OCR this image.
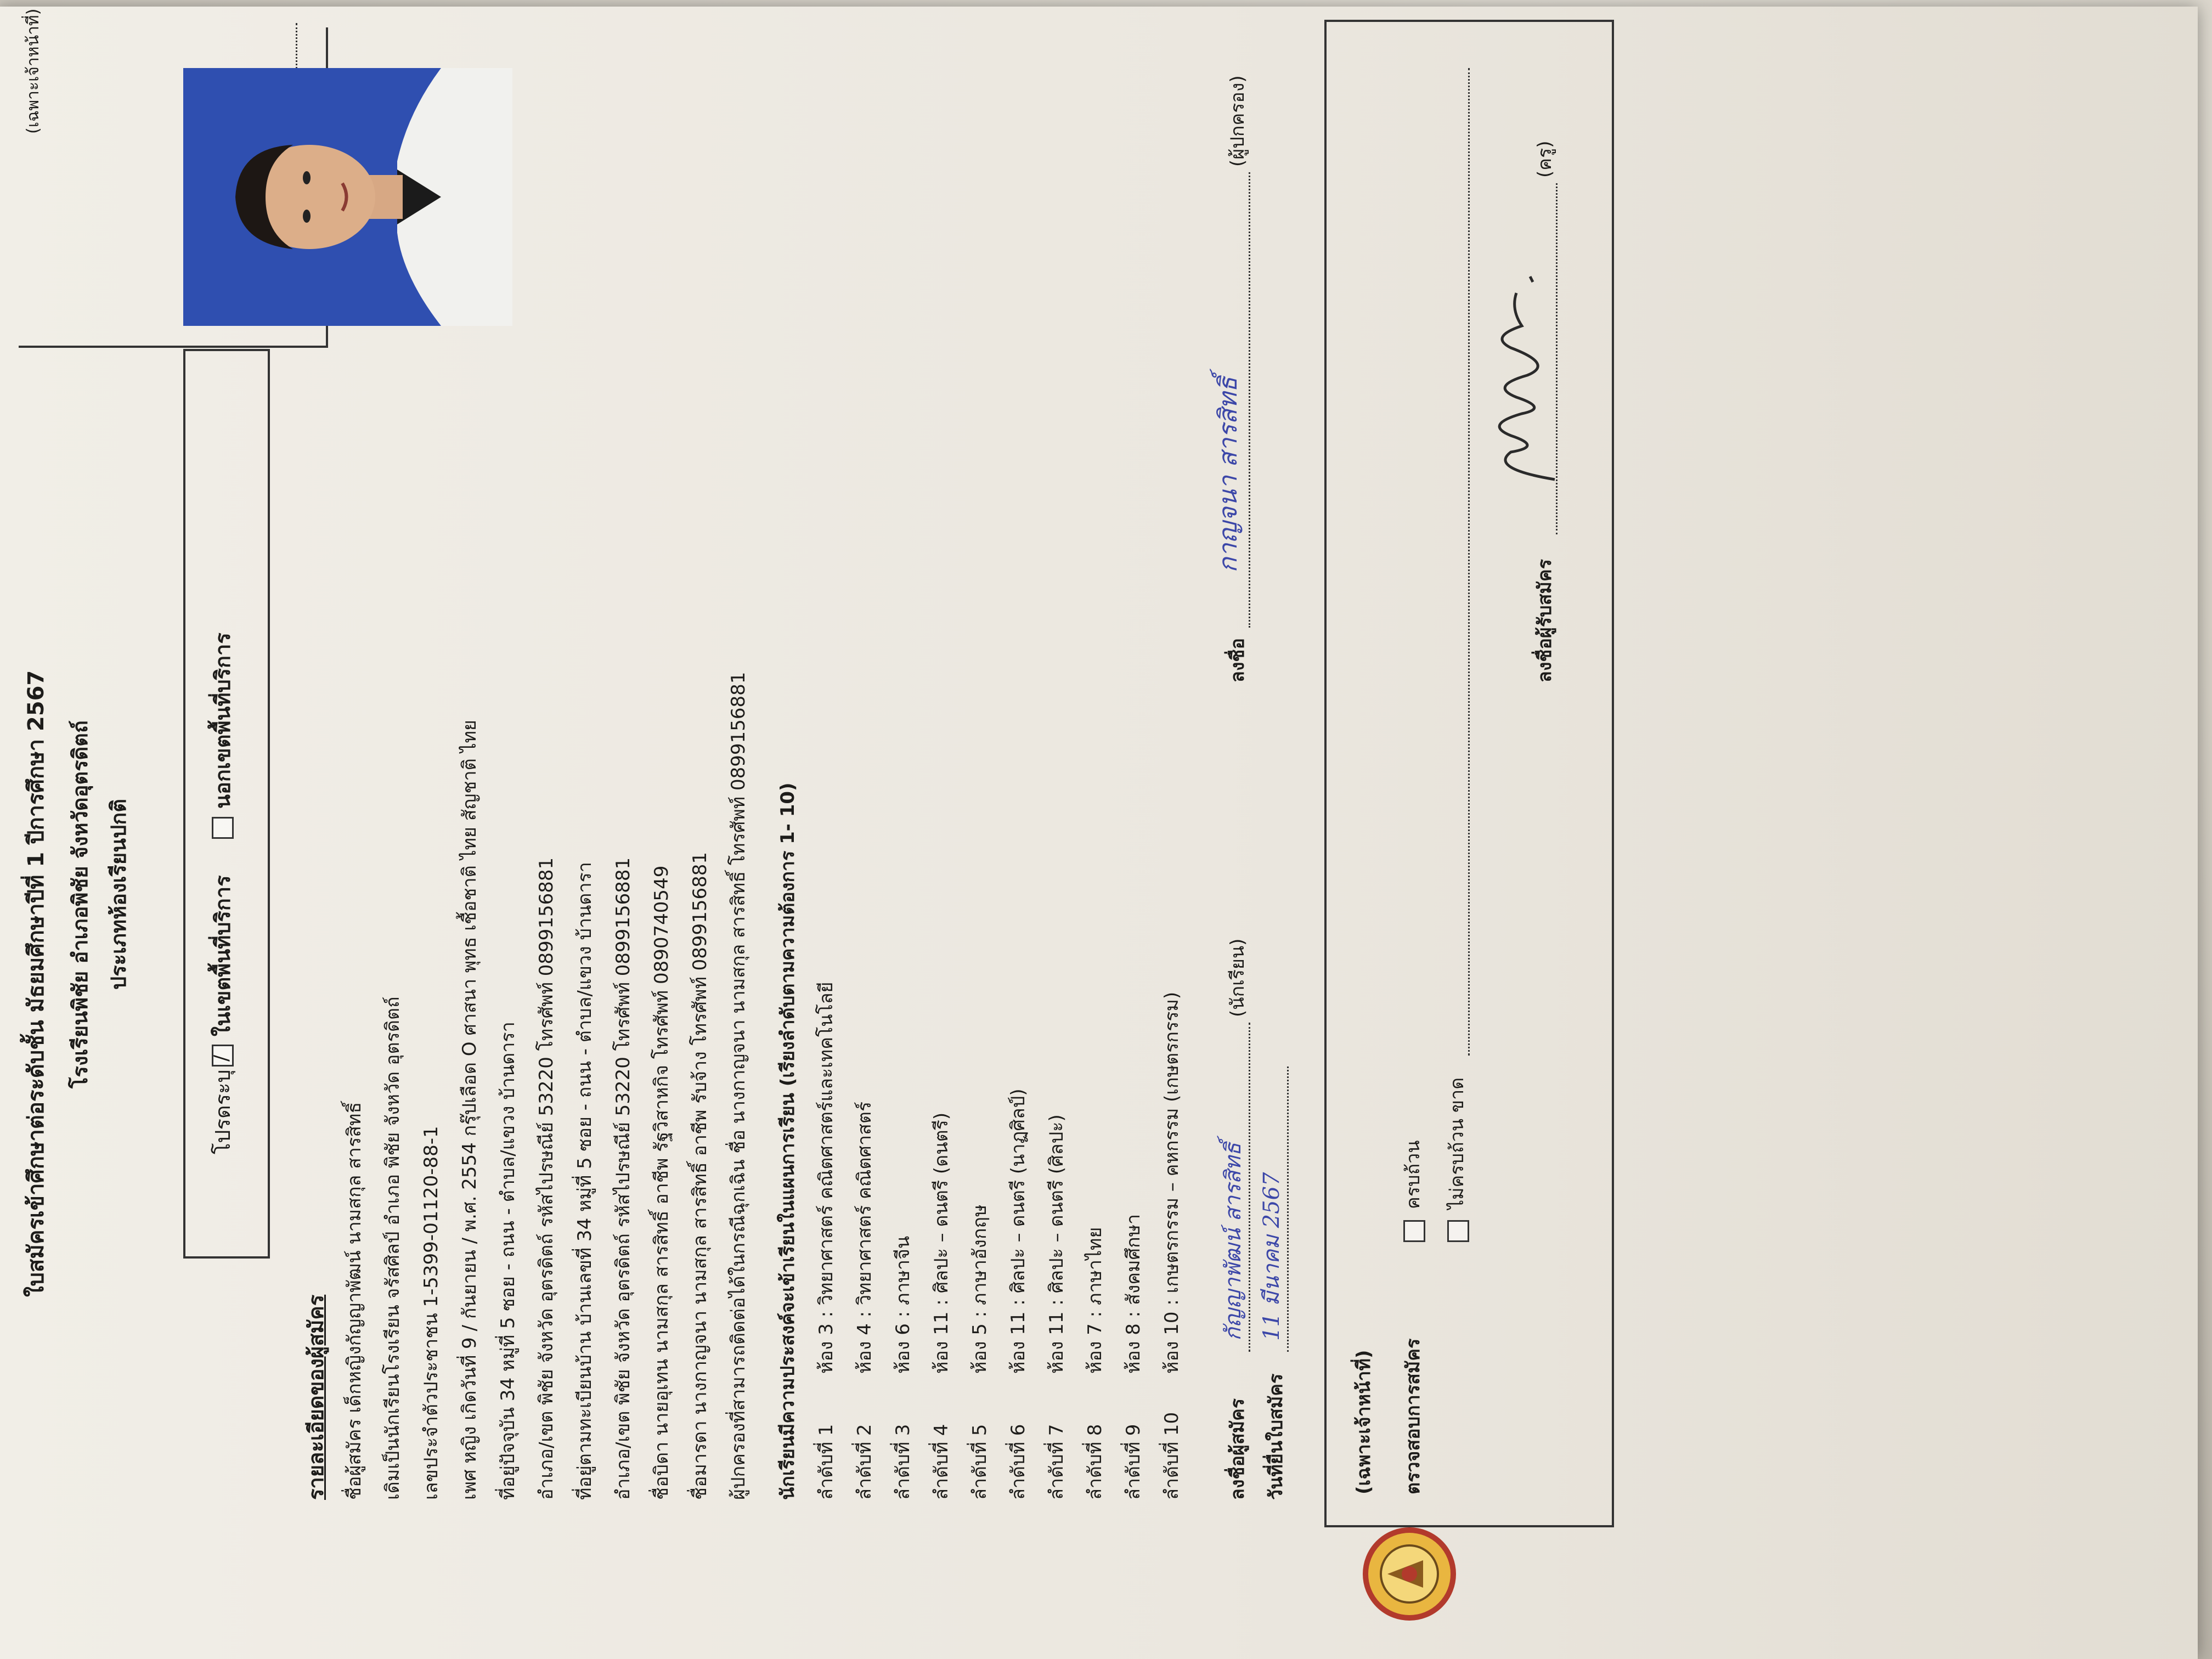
(เฉพาะเจ้าหน้าที่)
ใบสมัครเข้าศึกษาต่อระดับชั้น มัธยมศึกษาปีที่ 1 ปีการศึกษา 2567 โรงเรียนพิชัย อำเภอพิชัย จังหวัดอุตรดิตถ์ ประเภทห้องเรียนปกติ
โปรดระบุ
/
ในเขตพื้นที่บริการ
นอกเขตพื้นที่บริการ
รายละเอียดของผู้สมัคร ชื่อผู้สมัคร เด็กหญิงกัญญาพัฒน์ นามสกุล สารสิทธิ์ เดิมเป็นนักเรียนโรงเรียน จรัสศิลป์ อำเภอ พิชัย จังหวัด อุตรดิตถ์ เลขประจำตัวประชาชน 1-5399-01120-88-1 เพศ หญิง เกิดวันที่ 9 / กันยายน / พ.ศ. 2554 กรุ๊ปเลือด O ศาสนา พุทธ เชื้อชาติ ไทย สัญชาติ ไทย ที่อยู่ปัจจุบัน 34 หมู่ที่ 5 ซอย - ถนน - ตำบล/แขวง บ้านดารา อำเภอ/เขต พิชัย จังหวัด อุตรดิตถ์ รหัสไปรษณีย์ 53220 โทรศัพท์ 0899156881 ที่อยู่ตามทะเบียนบ้าน บ้านเลขที่ 34 หมู่ที่ 5 ซอย - ถนน - ตำบล/แขวง บ้านดารา อำเภอ/เขต พิชัย จังหวัด อุตรดิตถ์ รหัสไปรษณีย์ 53220 โทรศัพท์ 0899156881 ชื่อบิดา นายอุเทน นามสกุล สารสิทธิ์ อาชีพ รัฐวิสาหกิจ โทรศัพท์ 0890740549 ชื่อมารดา นางกาญจนา นามสกุล สารสิทธิ์ อาชีพ รับจ้าง โทรศัพท์ 0899156881 ผู้ปกครองที่สามารถติดต่อได้ในกรณีฉุกเฉิน ชื่อ นางกาญจนา นามสกุล สารสิทธิ์ โทรศัพท์ 0899156881 นักเรียนมีความประสงค์จะเข้าเรียนในแผนการเรียน (เรียงลำดับตามความต้องการ 1- 10) ลำดับที่ 1
ห้อง 3 : วิทยาศาสตร์ คณิตศาสตร์และเทคโนโลยี
ลำดับที่ 2
ห้อง 4 : วิทยาศาสตร์ คณิตศาสตร์
ลำดับที่ 3
ห้อง 6 : ภาษาจีน
ลำดับที่ 4
ห้อง 11 : ศิลปะ – ดนตรี (ดนตรี)
ลำดับที่ 5
ห้อง 5 : ภาษาอังกฤษ
ลำดับที่ 6
ห้อง 11 : ศิลปะ – ดนตรี (นาฏศิลป์)
ลำดับที่ 7
ห้อง 11 : ศิลปะ – ดนตรี (ศิลปะ)
ลำดับที่ 8
ห้อง 7 : ภาษาไทย
ลำดับที่ 9
ห้อง 8 : สังคมศึกษา
ลำดับที่ 10
ห้อง 10 : เกษตรกรรม – คหกรรม (เกษตรกรรม)
ลงชื่อผู้สมัคร
กัญญาพัฒน์ สารสิทธิ์
(นักเรียน)
ลงชื่อ
กาญจนา สารสิทธิ์
(ผู้ปกครอง)
วันที่ยื่นใบสมัคร
11 มีนาคม 2567
(เฉพาะเจ้าหน้าที่) ตรวจสอบการสมัคร
ครบถ้วน ไม่ครบถ้วน ขาด
ลงชื่อผู้รับสมัคร
(ครู)
